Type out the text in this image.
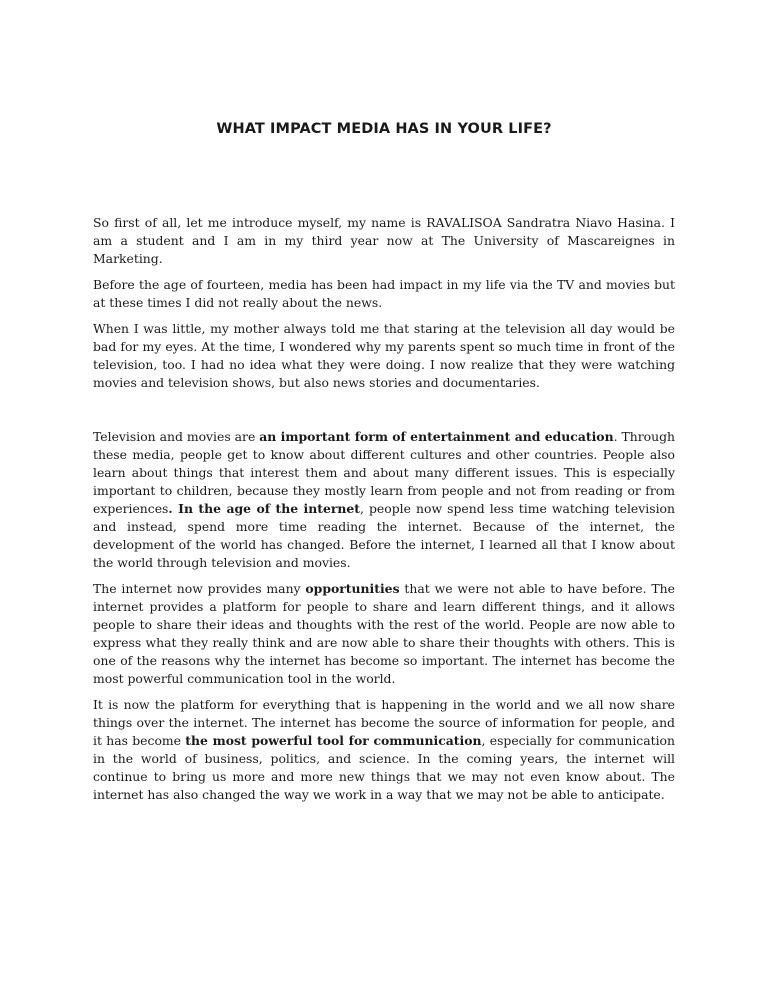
WHAT IMPACT MEDIA HAS IN YOUR LIFE?

So first of all, let me introduce myself, my name is RAVALISOA Sandratra Niavo Hasina. I am a student and I am in my third year now at The University of Mascareignes in Marketing.

Before the age of fourteen, media has been had impact in my life via the TV and movies but at these times I did not really about the news.

When I was little, my mother always told me that staring at the television all day would be bad for my eyes. At the time, I wondered why my parents spent so much time in front of the television, too. I had no idea what they were doing. I now realize that they were watching movies and television shows, but also news stories and documentaries.

Television and movies are an important form of entertainment and education. Through these media, people get to know about different cultures and other countries. People also learn about things that interest them and about many different issues. This is especially important to children, because they mostly learn from people and not from reading or from experiences. In the age of the internet, people now spend less time watching television and instead, spend more time reading the internet. Because of the internet, the development of the world has changed. Before the internet, I learned all that I know about the world through television and movies.

The internet now provides many opportunities that we were not able to have before. The internet provides a platform for people to share and learn different things, and it allows people to share their ideas and thoughts with the rest of the world. People are now able to express what they really think and are now able to share their thoughts with others. This is one of the reasons why the internet has become so important. The internet has become the most powerful communication tool in the world.

It is now the platform for everything that is happening in the world and we all now share things over the internet. The internet has become the source of information for people, and it has become the most powerful tool for communication, especially for communication in the world of business, politics, and science. In the coming years, the internet will continue to bring us more and more new things that we may not even know about. The internet has also changed the way we work in a way that we may not be able to anticipate.
